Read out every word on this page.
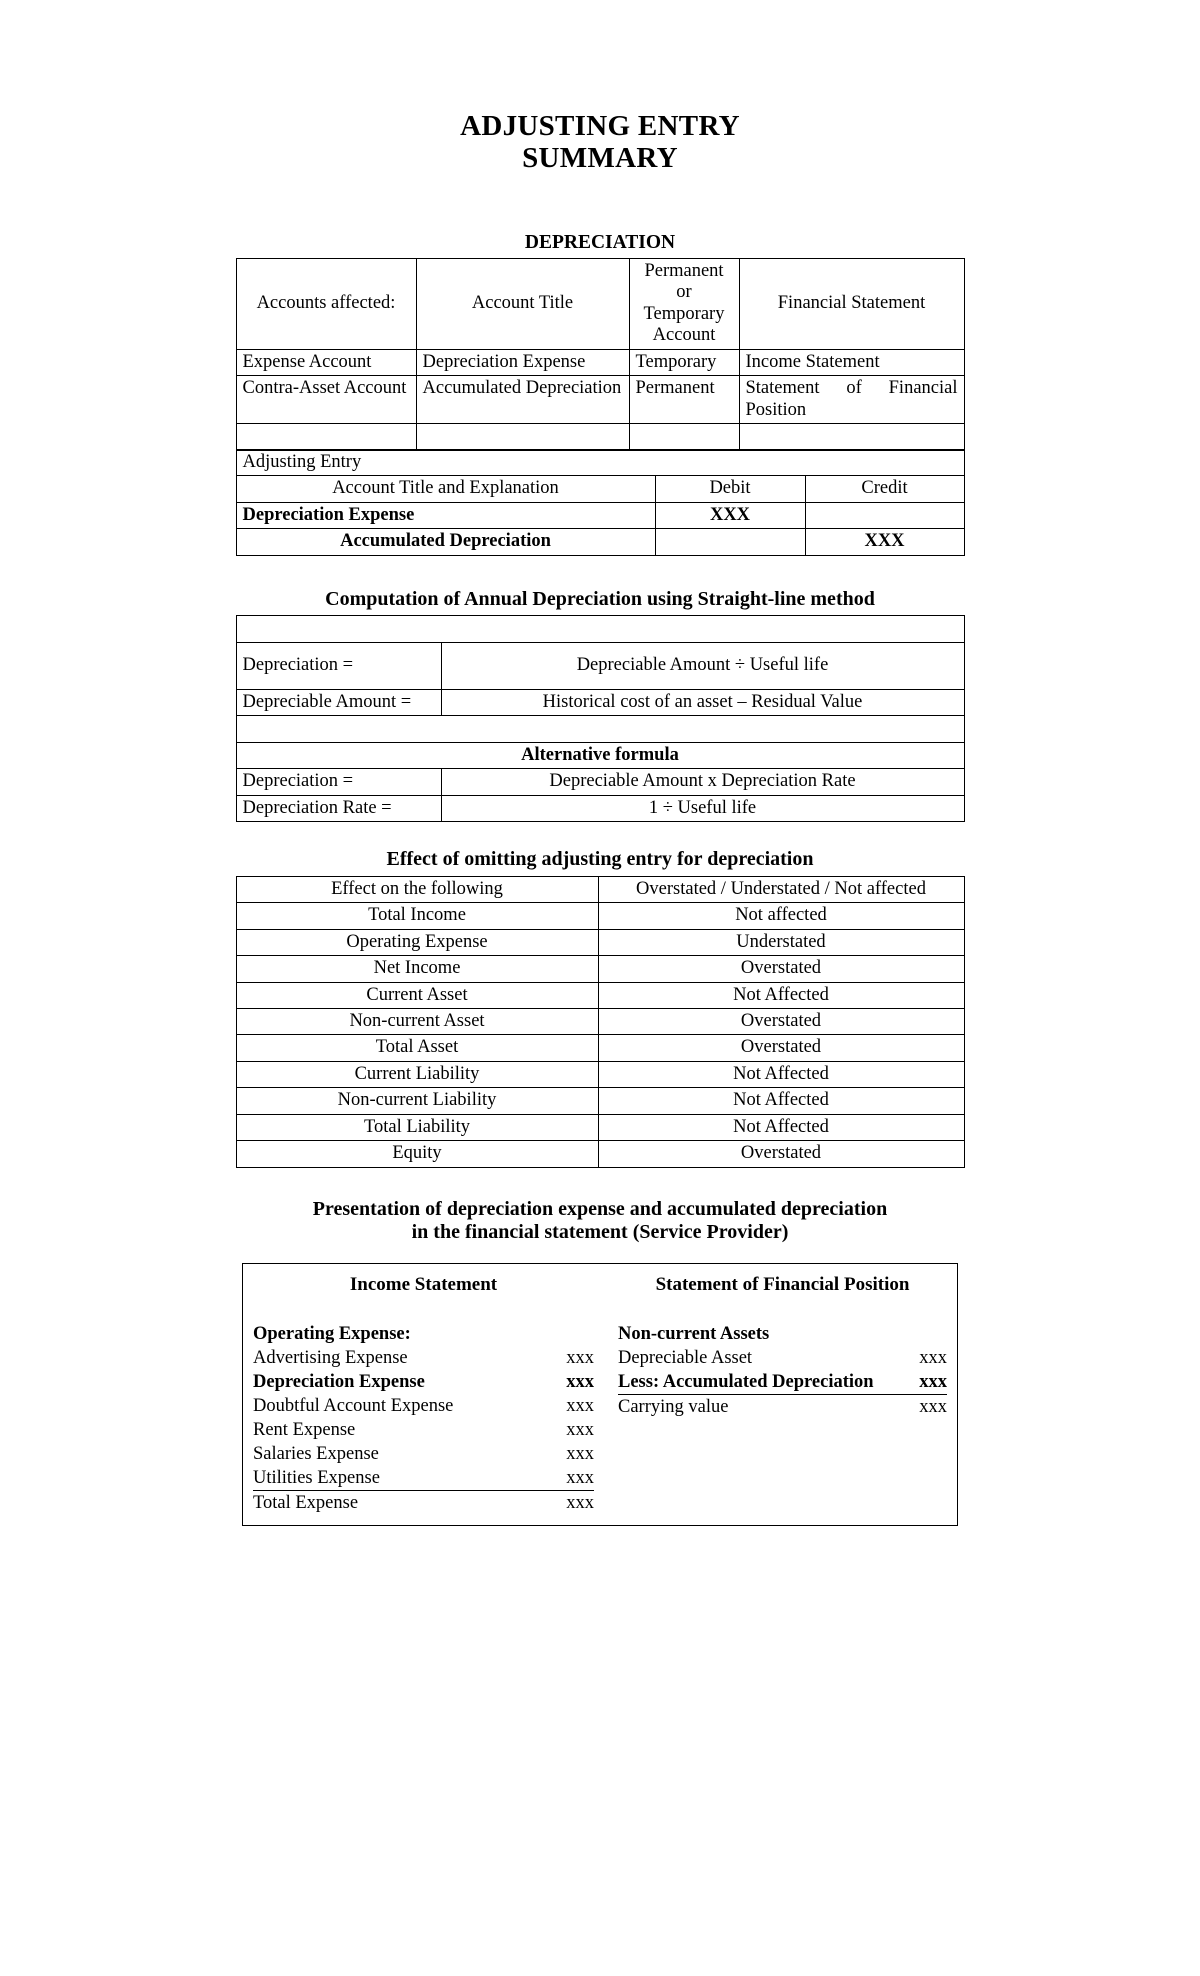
ADJUSTING ENTRY
SUMMARY
DEPRECIATION
Accounts affected:	Account Title	Permanent or Temporary Account	Financial Statement
Expense Account	Depreciation Expense	Temporary	Income Statement
Contra-Asset Account	Accumulated Depreciation	Permanent	Statement of Financial Position

Adjusting Entry		
Account Title and Explanation	Debit	Credit
Depreciation Expense	XXX	
Accumulated Depreciation		XXX
Computation of Annual Depreciation using Straight-line method

Depreciation =	Depreciable Amount ÷ Useful life
Depreciable Amount =	Historical cost of an asset – Residual Value

Alternative formula	
Depreciation =	Depreciable Amount x Depreciation Rate
Depreciation Rate =	1 ÷ Useful life
Effect of omitting adjusting entry for depreciation
Effect on the following	Overstated / Understated / Not affected
Total Income	Not affected
Operating Expense	Understated
Net Income	Overstated
Current Asset	Not Affected
Non-current Asset	Overstated
Total Asset	Overstated
Current Liability	Not Affected
Non-current Liability	Not Affected
Total Liability	Not Affected
Equity	Overstated
Presentation of depreciation expense and accumulated depreciation
in the financial statement (Service Provider)
Income Statement
Operating Expense:

Advertising Expense	xxx
Depreciation Expense	xxx
Doubtful Account Expense	xxx
Rent Expense	xxx
Salaries Expense	xxx
Utilities Expense	xxx
Total Expense	xxx
Statement of Financial Position
Non-current Assets

Depreciable Asset	xxx
Less: Accumulated Depreciation	xxx
Carrying value	xxx
